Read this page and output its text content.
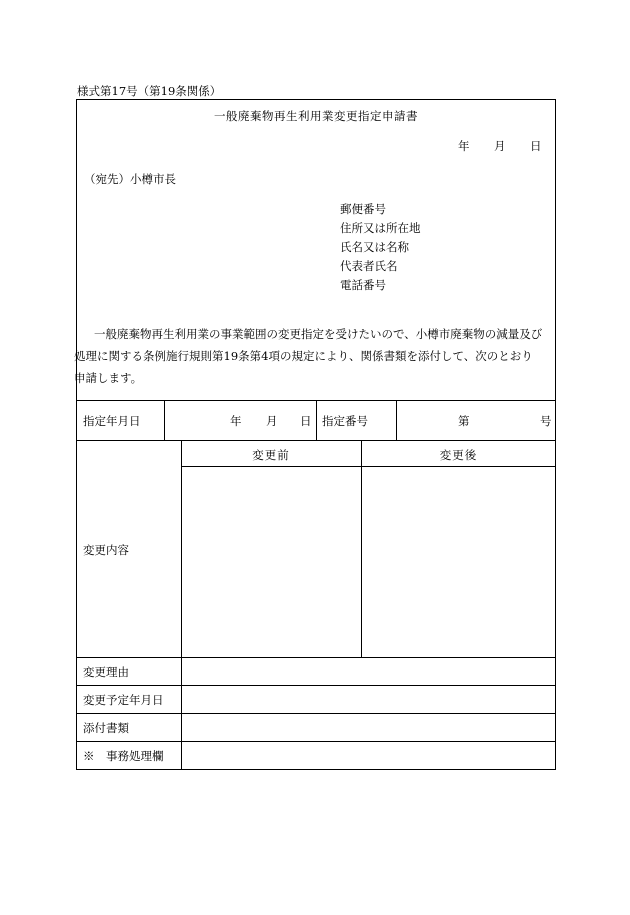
様式第17号（第19条関係）
一般廃棄物再生利用業変更指定申請書
年 月 日
（宛先）小樽市長
郵便番号
住所又は所在地
氏名又は名称
代表者氏名
電話番号
一般廃棄物再生利用業の事業範囲の変更指定を受けたいので、小樽市廃棄物の減量及び
処理に関する条例施行規則第19条第4項の規定により、関係書類を添付して、次のとおり
申請します。
指定年月日	年 月 日 指定番号	第	号
変更内容
変更前	変更後
変更理由
変更予定年月日
添付書類
※　事務処理欄
